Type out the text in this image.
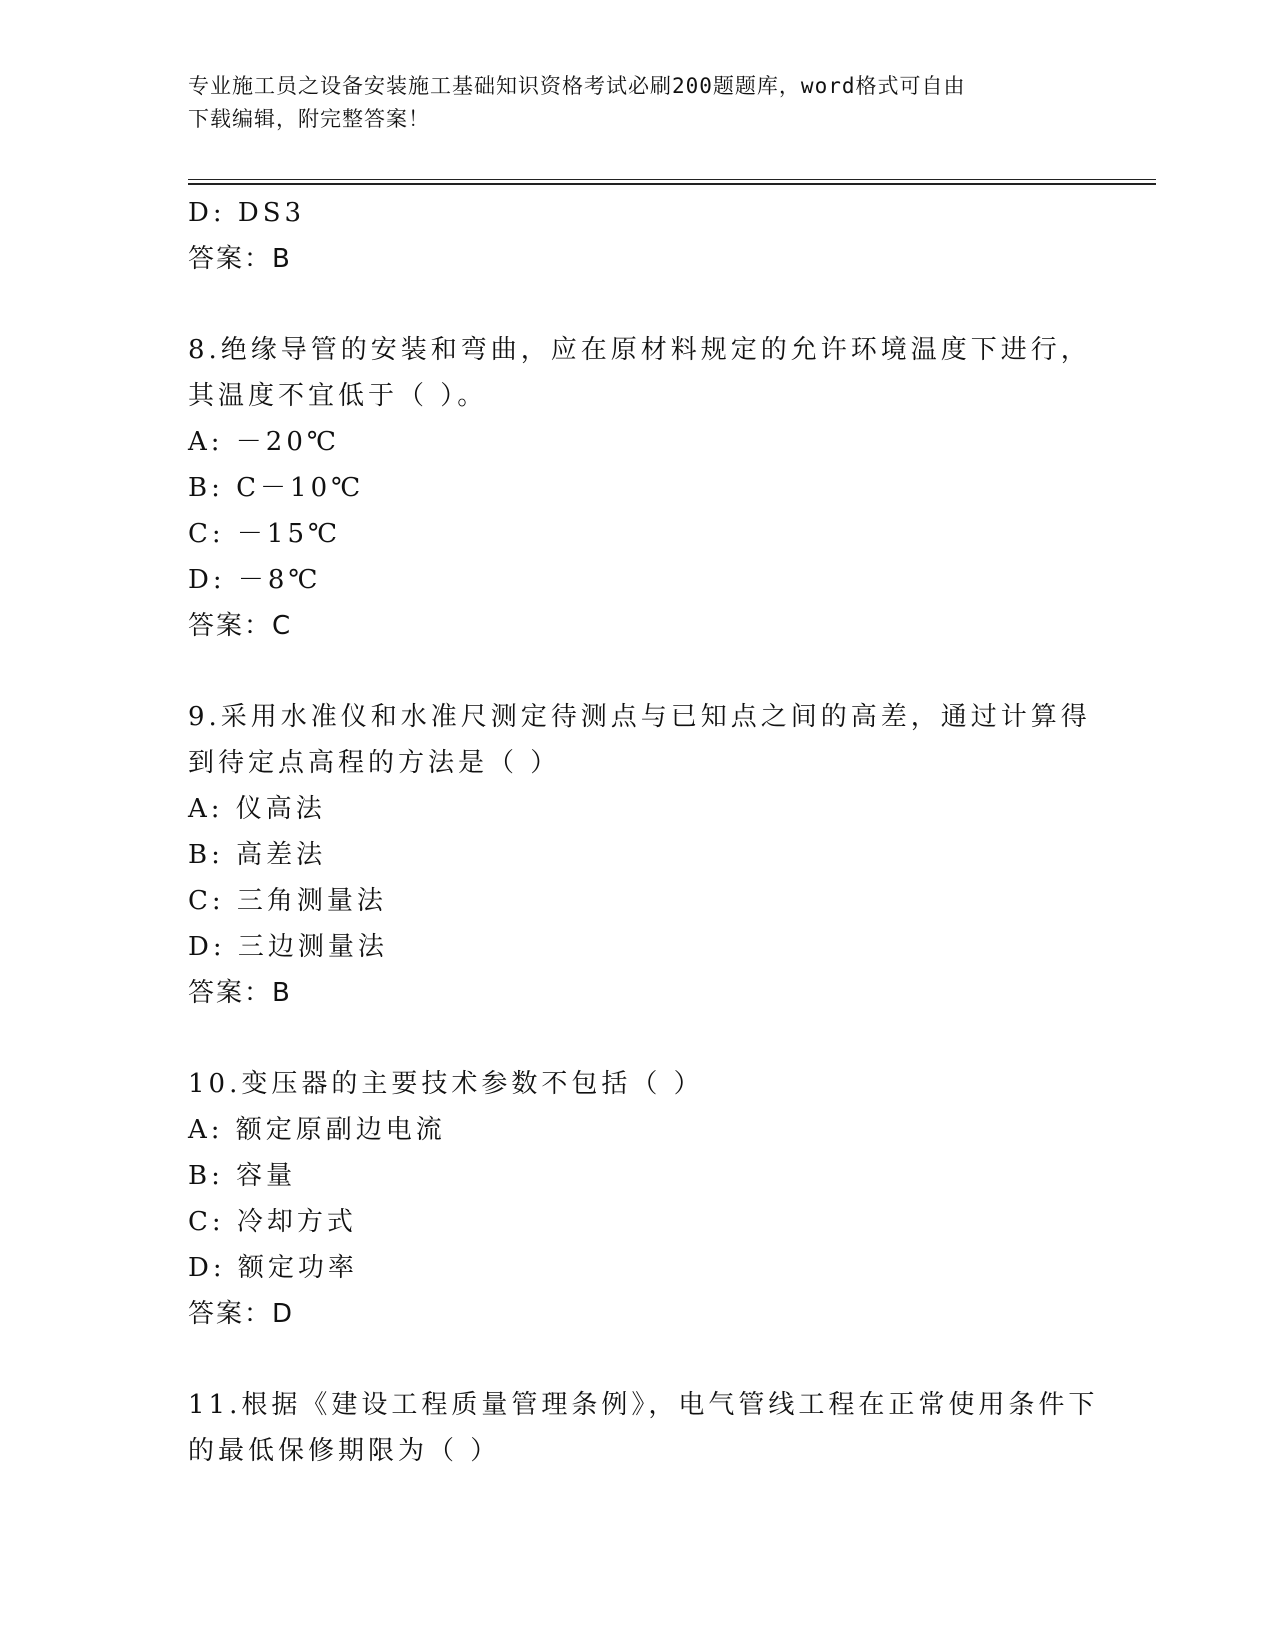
专业施工员之设备安装施工基础知识资格考试必刷200题题库，word格式可自由
下载编辑，附完整答案！
D: DS3
答案：B
8.绝缘导管的安装和弯曲，应在原材料规定的允许环境温度下进行，
其温度不宜低于（ ）。
A: －20℃
B: C－10℃
C: －15℃
D: －8℃
答案：C
9.采用水准仪和水准尺测定待测点与已知点之间的高差，通过计算得
到待定点高程的方法是（ ）
A: 仪高法
B: 高差法
C: 三角测量法
D: 三边测量法
答案：B
10.变压器的主要技术参数不包括（ ）
A: 额定原副边电流
B: 容量
C: 冷却方式
D: 额定功率
答案：D
11.根据《建设工程质量管理条例》，电气管线工程在正常使用条件下
的最低保修期限为（ ）
